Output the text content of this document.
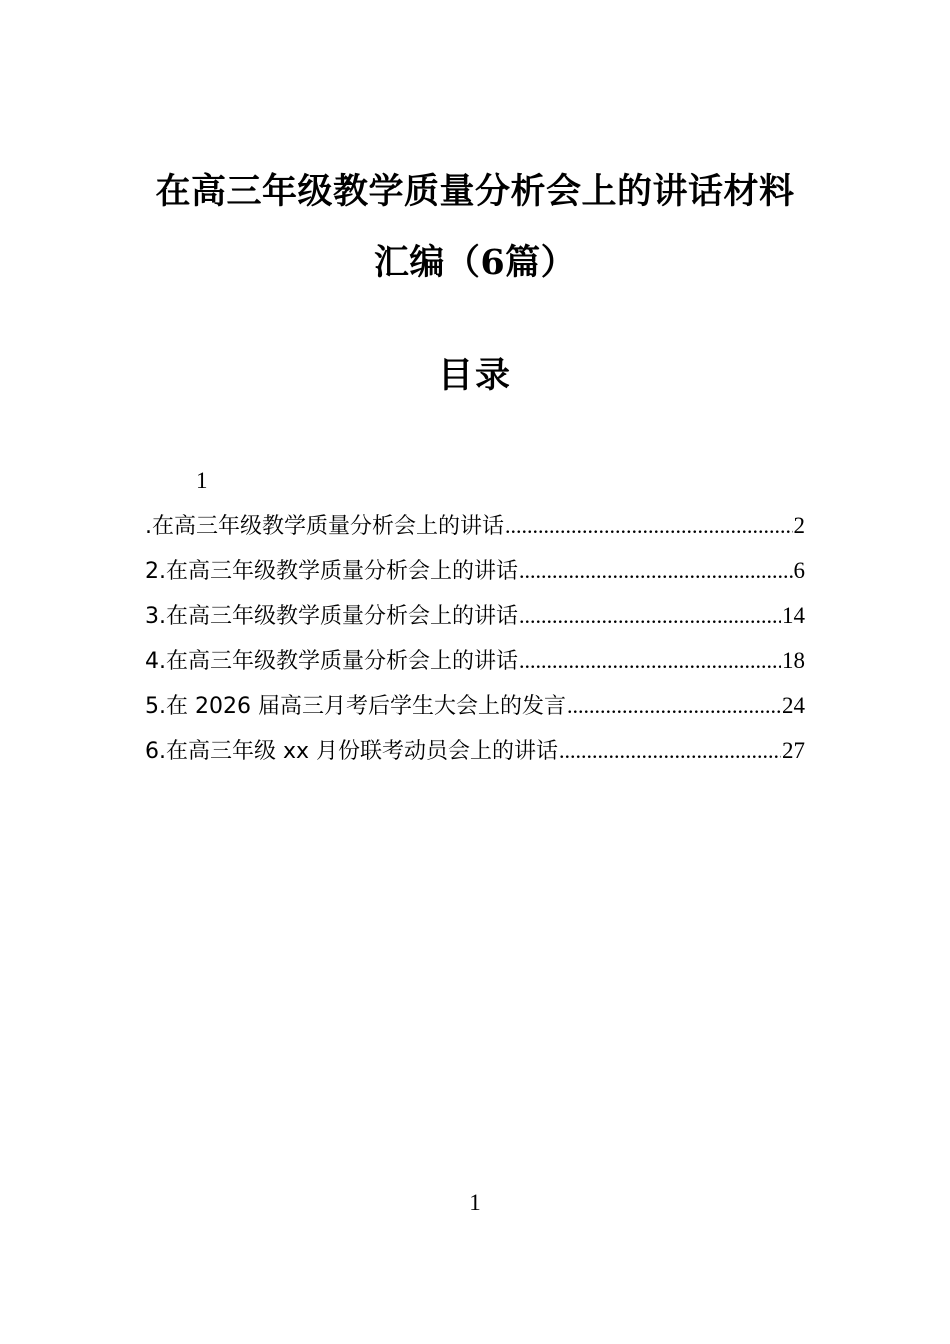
在高三年级教学质量分析会上的讲话材料
汇编（6篇）
目录
1
.在高三年级教学质量分析会上的讲话 .....	2
2.在高三年级教学质量分析会上的讲话 .....	6
3.在高三年级教学质量分析会上的讲话 .....	14
4.在高三年级教学质量分析会上的讲话 .....	18
5.在 2026 届高三月考后学生大会上的发言 .....	24
6.在高三年级 xx 月份联考动员会上的讲话 .....	27
1
